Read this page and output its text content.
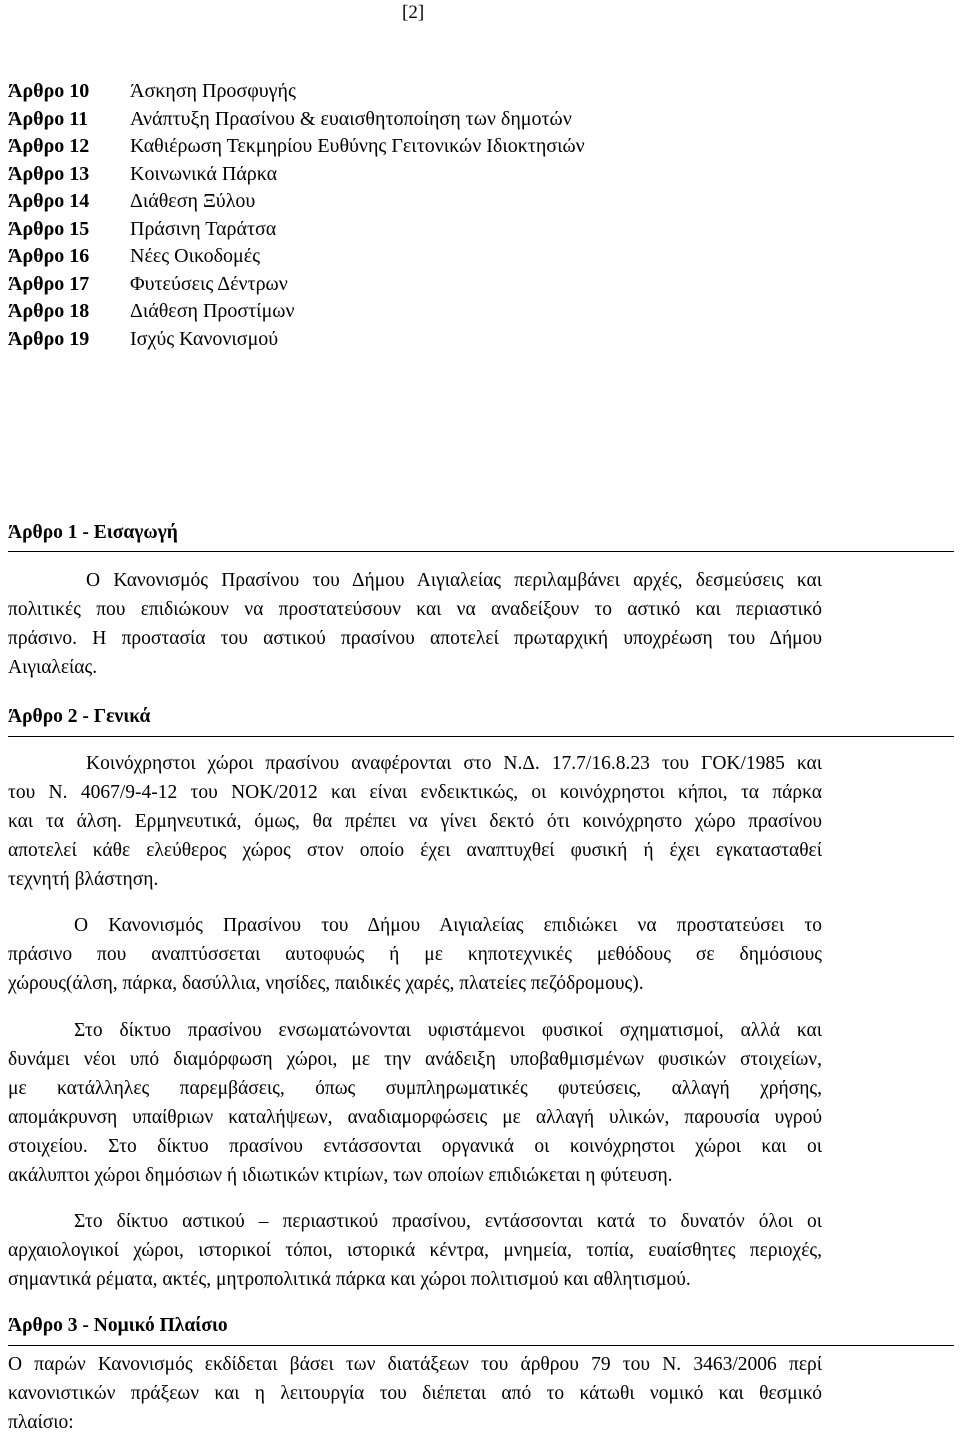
[2]
Άρθρο 10	Άσκηση Προσφυγής
Άρθρο 11	Ανάπτυξη Πρασίνου & ευαισθητοποίηση των δημοτών
Άρθρο 12	Καθιέρωση Τεκμηρίου Ευθύνης Γειτονικών Ιδιοκτησιών
Άρθρο 13	Κοινωνικά Πάρκα
Άρθρο 14	Διάθεση Ξύλου
Άρθρο 15	Πράσινη Ταράτσα
Άρθρο 16	Νέες Οικοδομές
Άρθρο 17	Φυτεύσεις Δέντρων
Άρθρο 18	Διάθεση Προστίμων
Άρθρο 19	Ισχύς Κανονισμού
Άρθρο 1 - Εισαγωγή
Ο Κανονισμός Πρασίνου του Δήμου Αιγιαλείας περιλαμβάνει αρχές, δεσμεύσεις και
πολιτικές που επιδιώκουν να προστατεύσουν και να αναδείξουν το αστικό και περιαστικό
πράσινο. Η προστασία του αστικού πρασίνου αποτελεί πρωταρχική υποχρέωση του Δήμου
Αιγιαλείας.
Άρθρο 2 - Γενικά
Κοινόχρηστοι χώροι πρασίνου αναφέρονται στο Ν.Δ. 17.7/16.8.23 του ΓΟΚ/1985 και
του Ν. 4067/9-4-12 του ΝΟΚ/2012 και είναι ενδεικτικώς, οι κοινόχρηστοι κήποι, τα πάρκα
και τα άλση. Ερμηνευτικά, όμως, θα πρέπει να γίνει δεκτό ότι κοινόχρηστο χώρο πρασίνου
αποτελεί κάθε ελεύθερος χώρος στον οποίο έχει αναπτυχθεί φυσική ή έχει εγκατασταθεί
τεχνητή βλάστηση.
Ο Κανονισμός Πρασίνου του Δήμου Αιγιαλείας επιδιώκει να προστατεύσει το
πράσινο που αναπτύσσεται αυτοφυώς ή με κηποτεχνικές μεθόδους σε δημόσιους
χώρους(άλση, πάρκα, δασύλλια, νησίδες, παιδικές χαρές, πλατείες πεζόδρομους).
Στο δίκτυο πρασίνου ενσωματώνονται υφιστάμενοι φυσικοί σχηματισμοί, αλλά και
δυνάμει νέοι υπό διαμόρφωση χώροι, με την ανάδειξη υποβαθμισμένων φυσικών στοιχείων,
με κατάλληλες παρεμβάσεις, όπως συμπληρωματικές φυτεύσεις, αλλαγή χρήσης,
απομάκρυνση υπαίθριων καταλήψεων, αναδιαμορφώσεις με αλλαγή υλικών, παρουσία υγρού
στοιχείου. Στο δίκτυο πρασίνου εντάσσονται οργανικά οι κοινόχρηστοι χώροι και οι
ακάλυπτοι χώροι δημόσιων ή ιδιωτικών κτιρίων, των οποίων επιδιώκεται η φύτευση.
Στο δίκτυο αστικού – περιαστικού πρασίνου, εντάσσονται κατά το δυνατόν όλοι οι
αρχαιολογικοί χώροι, ιστορικοί τόποι, ιστορικά κέντρα, μνημεία, τοπία, ευαίσθητες περιοχές,
σημαντικά ρέματα, ακτές, μητροπολιτικά πάρκα και χώροι πολιτισμού και αθλητισμού.
Άρθρο 3 - Νομικό Πλαίσιο
Ο παρών Κανονισμός εκδίδεται βάσει των διατάξεων του άρθρου 79 του Ν. 3463/2006 περί
κανονιστικών πράξεων και η λειτουργία του διέπεται από το κάτωθι νομικό και θεσμικό
πλαίσιο:
